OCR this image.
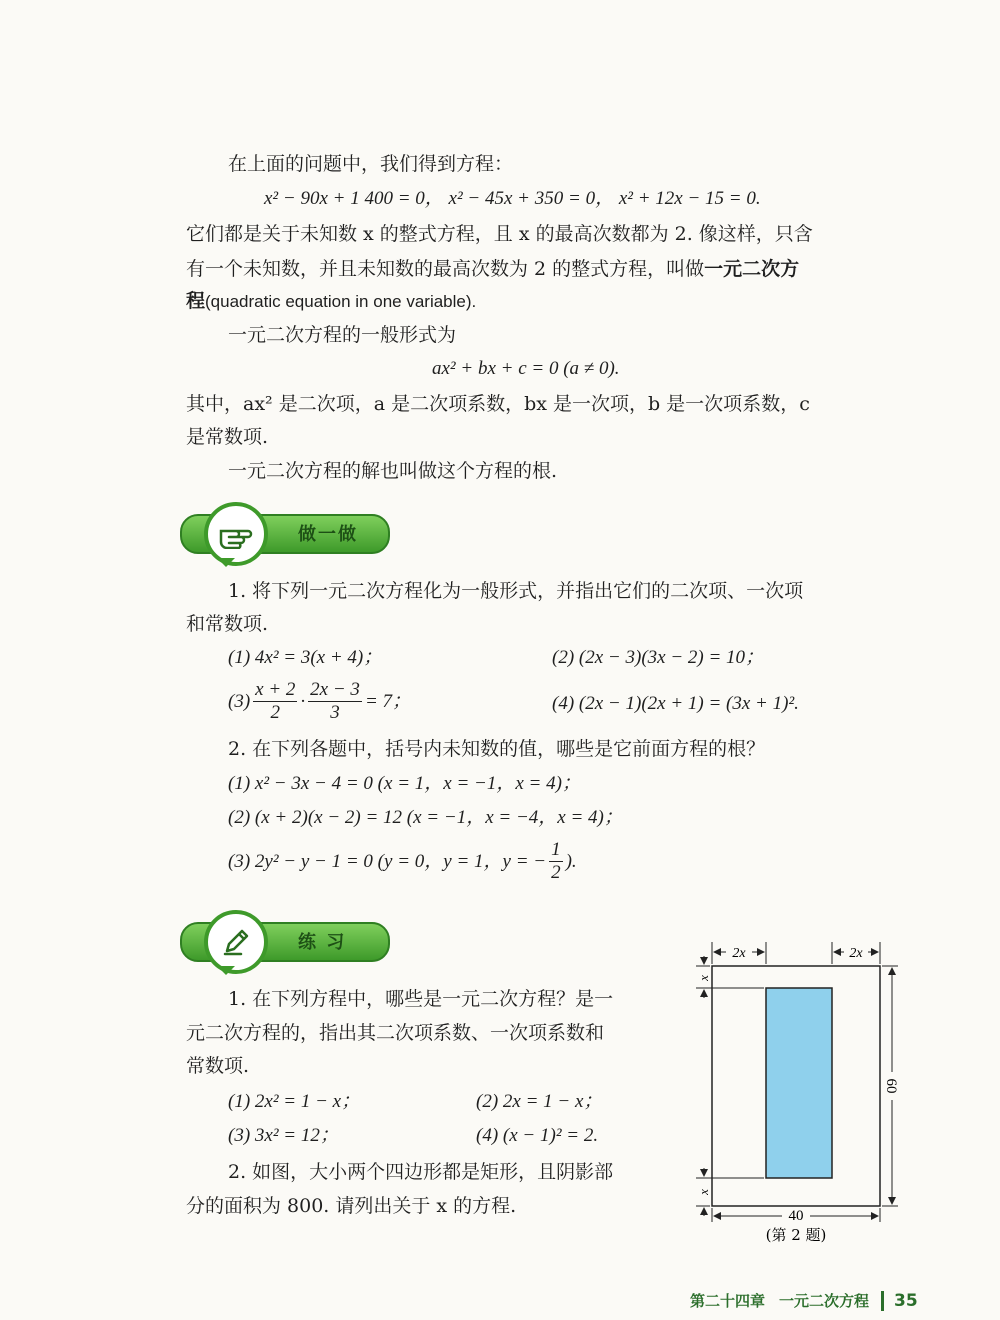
在上面的问题中，我们得到方程：
x² − 90x + 1 400 = 0， x² − 45x + 350 = 0， x² + 12x − 15 = 0.
它们都是关于未知数 x 的整式方程，且 x 的最高次数都为 2. 像这样，只含
有一个未知数，并且未知数的最高次数为 2 的整式方程，叫做一元二次方
程(quadratic equation in one variable).
一元二次方程的一般形式为
ax² + bx + c = 0 (a ≠ 0).
其中，ax² 是二次项，a 是二次项系数，bx 是一次项，b 是一次项系数，c
是常数项.
一元二次方程的解也叫做这个方程的根.
做一做
1. 将下列一元二次方程化为一般形式，并指出它们的二次项、一次项
和常数项.
(1) 4x² = 3(x + 4)；	(2) (2x − 3)(3x − 2) = 10；
$(3) \frac{x + 2}{2} \cdot \frac{2x - 3}{3} = 7$；	(4) (2x − 1)(2x + 1) = (3x + 1)².
2. 在下列各题中，括号内未知数的值，哪些是它前面方程的根？
(1) x² − 3x − 4 = 0 (x = 1，x = −1，x = 4)；
(2) (x + 2)(x − 2) = 12 (x = −1，x = −4，x = 4)；
(3) 2y² − y − 1 = 0 (y = 0，y = 1，y = − $\frac{1}{2}$ ).
练 习
1. 在下列方程中，哪些是一元二次方程？是一
元二次方程的，指出其二次项系数、一次项系数和
常数项.
(1) 2x² = 1 − x；	(2) 2x = 1 − x；
(3) 3x² = 12；	(4) (x − 1)² = 2.
2. 如图，大小两个四边形都是矩形，且阴影部
分的面积为 800. 请列出关于 x 的方程.
2x	2x
x
x
60
40
(第 2 题)
第二十四章 一元二次方程 35
